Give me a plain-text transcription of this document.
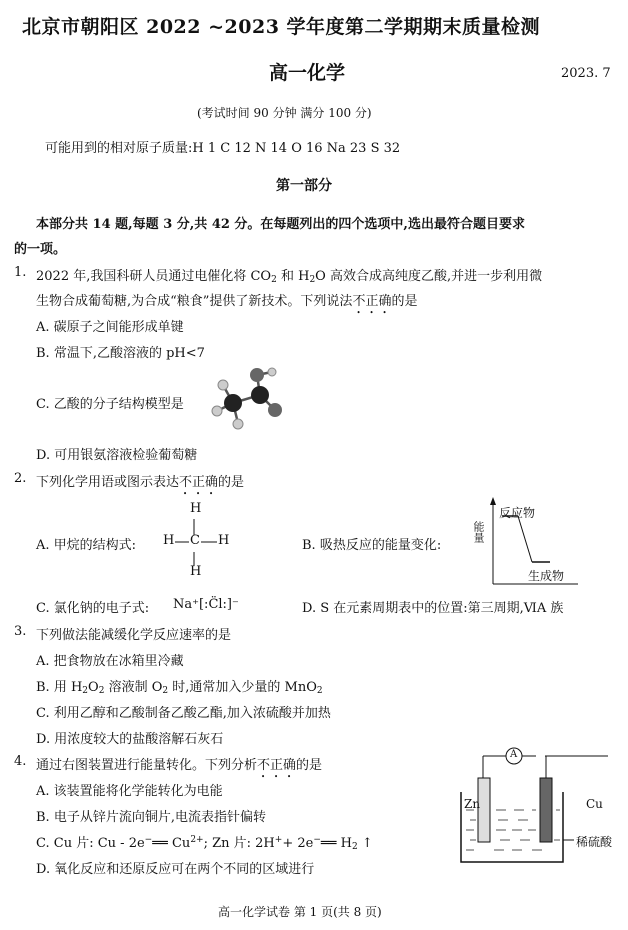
北京市朝阳区 2022 ~2023 学年度第二学期期末质量检测
高一化学	2023. 7
(考试时间 90 分钟 满分 100 分)
可能用到的相对原子质量:H 1 C 12 N 14 O 16 Na 23 S 32
第一部分
本部分共 14 题,每题 3 分,共 42 分。在每题列出的四个选项中,选出最符合题目要求
的一项。
1. 2022 年,我国科研人员通过电催化将 $CO_2$ 和 $H_2O$ 高效合成高纯度乙酸,并进一步利用微
生物合成葡萄糖,为合成“粮食”提供了新技术。下列说法不正确的是
A. 碳原子之间能形成单键
B. 常温下,乙酸溶液的 pH<7
C. 乙酸的分子结构模型是
D. 可用银氨溶液检验葡萄糖
2. 下列化学用语或图示表达不正确的是
A. 甲烷的结构式:
H
H C H
H
B. 吸热反应的能量变化:
能量
反应物
生成物
C. 氯化钠的电子式: Na⁺[:C̈l:]⁻	D. S 在元素周期表中的位置:第三周期,ⅥA 族
3. 下列做法能减缓化学反应速率的是
A. 把食物放在冰箱里冷藏
B. 用 $H_2O_2$ 溶液制 $O_2$ 时,通常加入少量的 MnO$_2$
C. 利用乙醇和乙酸制备乙酸乙酯,加入浓硫酸并加热
D. 用浓度较大的盐酸溶解石灰石
4. 通过右图装置进行能量转化。下列分析不正确的是
A. 该装置能将化学能转化为电能
B. 电子从锌片流向铜片,电流表指针偏转
C. Cu 片: Cu - 2e−══ $Cu^{2+}$; Zn 片: 2H++ 2e−══ $H_2$ ↑
D. 氧化反应和还原反应可在两个不同的区域进行
Zn	Cu
A
稀硫酸
高一化学试卷 第 1 页(共 8 页)
